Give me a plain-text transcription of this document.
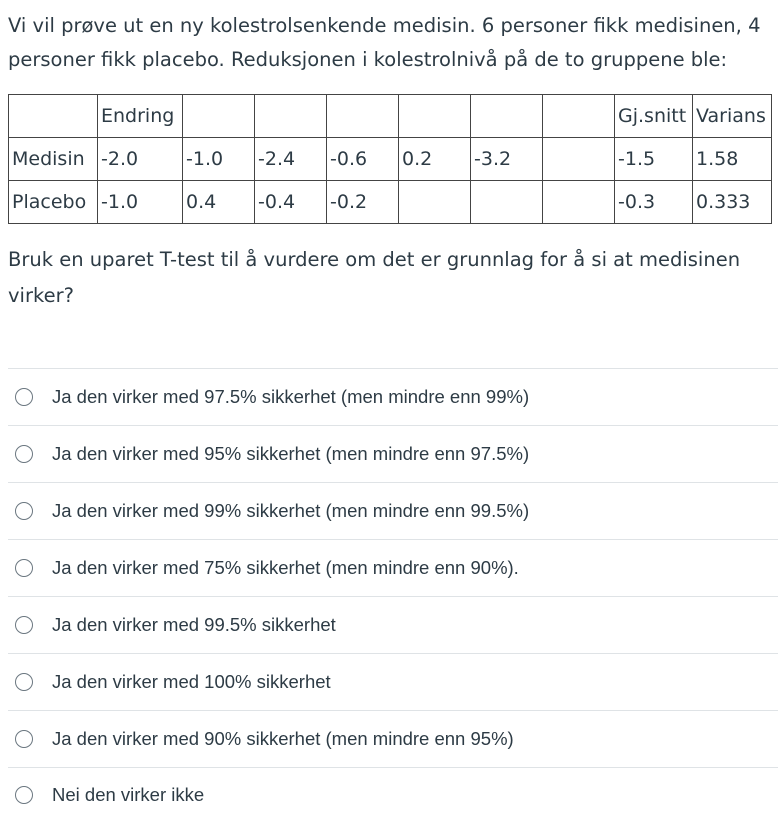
Vi vil prøve ut en ny kolestrolsenkende medisin. 6 personer fikk medisinen, 4 personer fikk placebo. Reduksjonen i kolestrolnivå på de to gruppene ble:
	Endring							Gj.snitt	Varians
Medisin	-2.0	-1.0	-2.4	-0.6	0.2	-3.2		-1.5	1.58
Placebo	-1.0	0.4	-0.4	-0.2				-0.3	0.333
Bruk en uparet T-test til å vurdere om det er grunnlag for å si at medisinen virker?
Ja den virker med 97.5% sikkerhet (men mindre enn 99%)
Ja den virker med 95% sikkerhet (men mindre enn 97.5%)
Ja den virker med 99% sikkerhet (men mindre enn 99.5%)
Ja den virker med 75% sikkerhet (men mindre enn 90%).
Ja den virker med 99.5% sikkerhet
Ja den virker med 100% sikkerhet
Ja den virker med 90% sikkerhet (men mindre enn 95%)
Nei den virker ikke
